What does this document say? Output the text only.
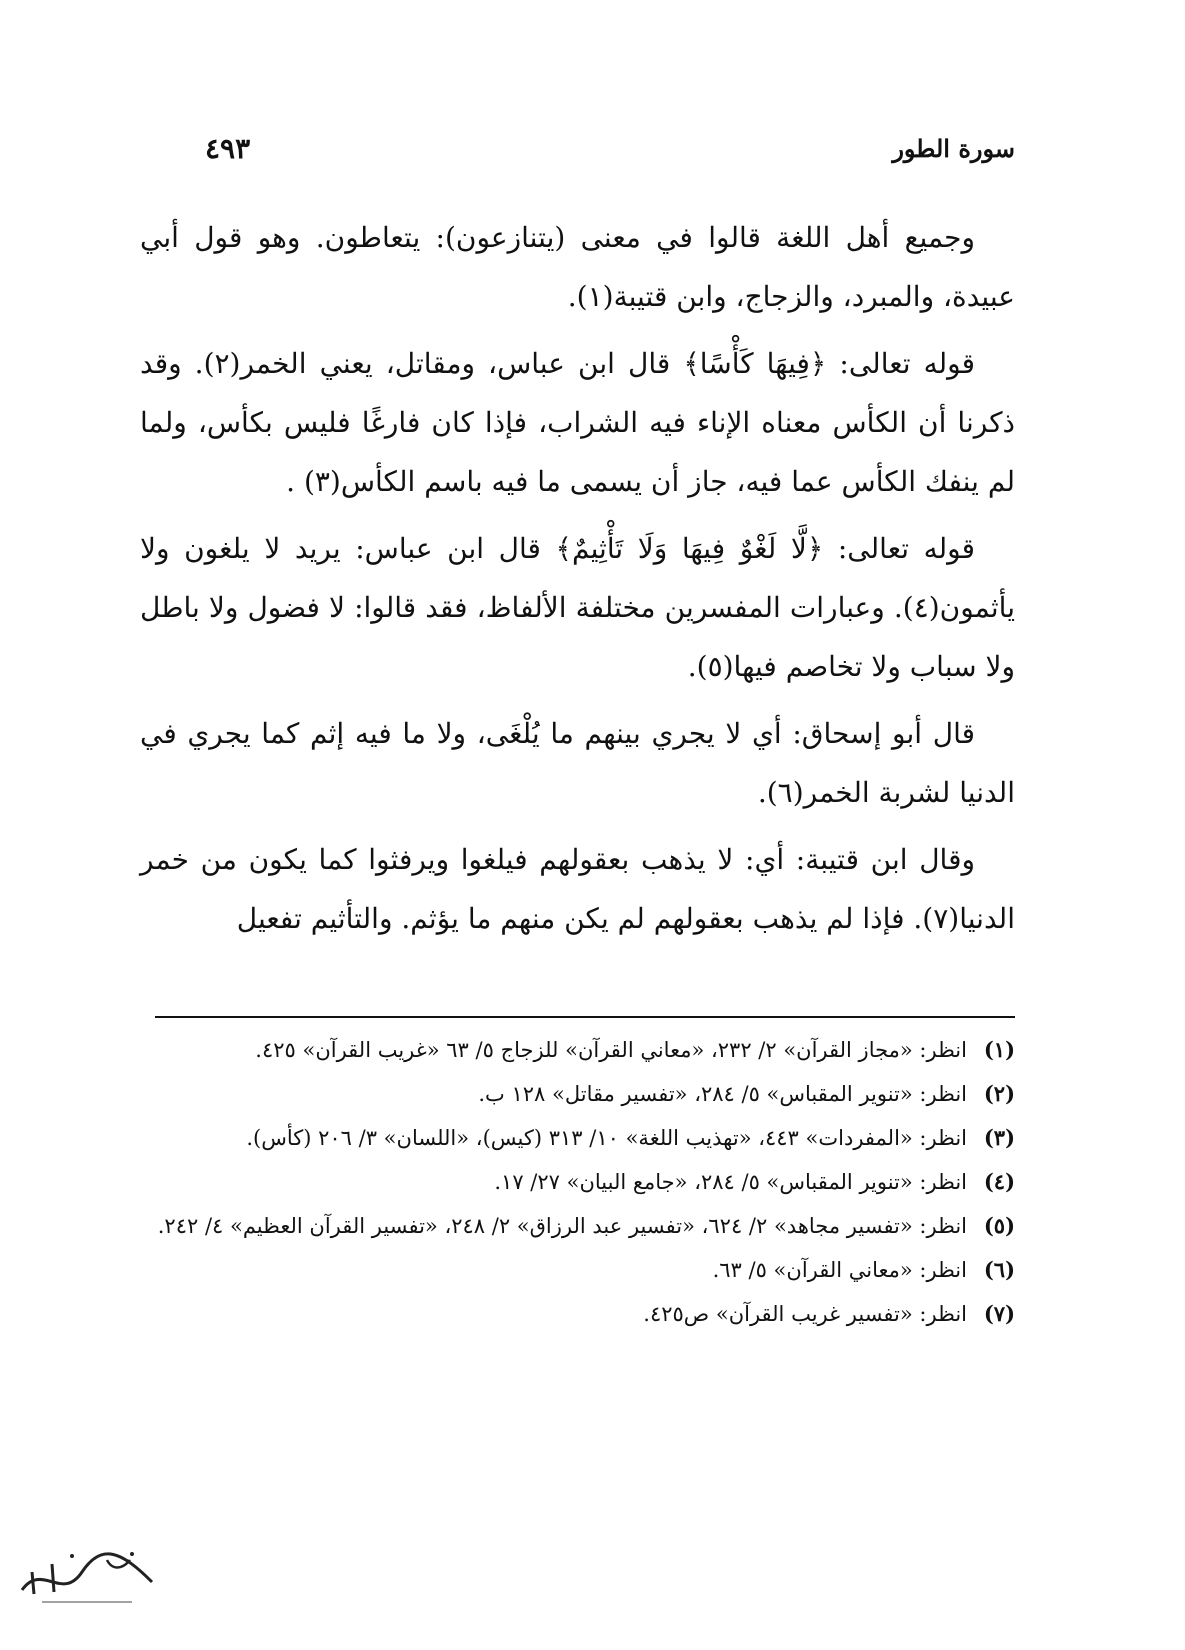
سورة الطور
٤٩٣

وجميع أهل اللغة قالوا في معنى (يتنازعون): يتعاطون. وهو قول أبي عبيدة، والمبرد، والزجاج، وابن قتيبة(١).

قوله تعالى: ﴿فِيهَا كَأْسًا﴾ قال ابن عباس، ومقاتل، يعني الخمر(٢). وقد ذكرنا أن الكأس معناه الإناء فيه الشراب، فإذا كان فارغًا فليس بكأس، ولما لم ينفك الكأس عما فيه، جاز أن يسمى ما فيه باسم الكأس(٣) .

قوله تعالى: ﴿لَّا لَغْوٌ فِيهَا وَلَا تَأْثِيمٌ﴾ قال ابن عباس: يريد لا يلغون ولا يأثمون(٤). وعبارات المفسرين مختلفة الألفاظ، فقد قالوا: لا فضول ولا باطل ولا سباب ولا تخاصم فيها(٥).

قال أبو إسحاق: أي لا يجري بينهم ما يُلْغَى، ولا ما فيه إثم كما يجري في الدنيا لشربة الخمر(٦).

وقال ابن قتيبة: أي: لا يذهب بعقولهم فيلغوا ويرفثوا كما يكون من خمر الدنيا(٧). فإذا لم يذهب بعقولهم لم يكن منهم ما يؤثم. والتأثيم تفعيل

(١)
انظر: «مجاز القرآن» ٢/ ٢٣٢، «معاني القرآن» للزجاج ٥/ ٦٣ «غريب القرآن» ٤٢٥.
(٢)
انظر: «تنوير المقباس» ٥/ ٢٨٤، «تفسير مقاتل» ١٢٨ ب.
(٣)
انظر: «المفردات» ٤٤٣، «تهذيب اللغة» ١٠/ ٣١٣ (كيس)، «اللسان» ٣/ ٢٠٦ (كأس).
(٤)
انظر: «تنوير المقباس» ٥/ ٢٨٤، «جامع البيان» ٢٧/ ١٧.
(٥)
انظر: «تفسير مجاهد» ٢/ ٦٢٤، «تفسير عبد الرزاق» ٢/ ٢٤٨، «تفسير القرآن العظيم» ٤/ ٢٤٢.
(٦)
انظر: «معاني القرآن» ٥/ ٦٣.
(٧)
انظر: «تفسير غريب القرآن» ص٤٢٥.
